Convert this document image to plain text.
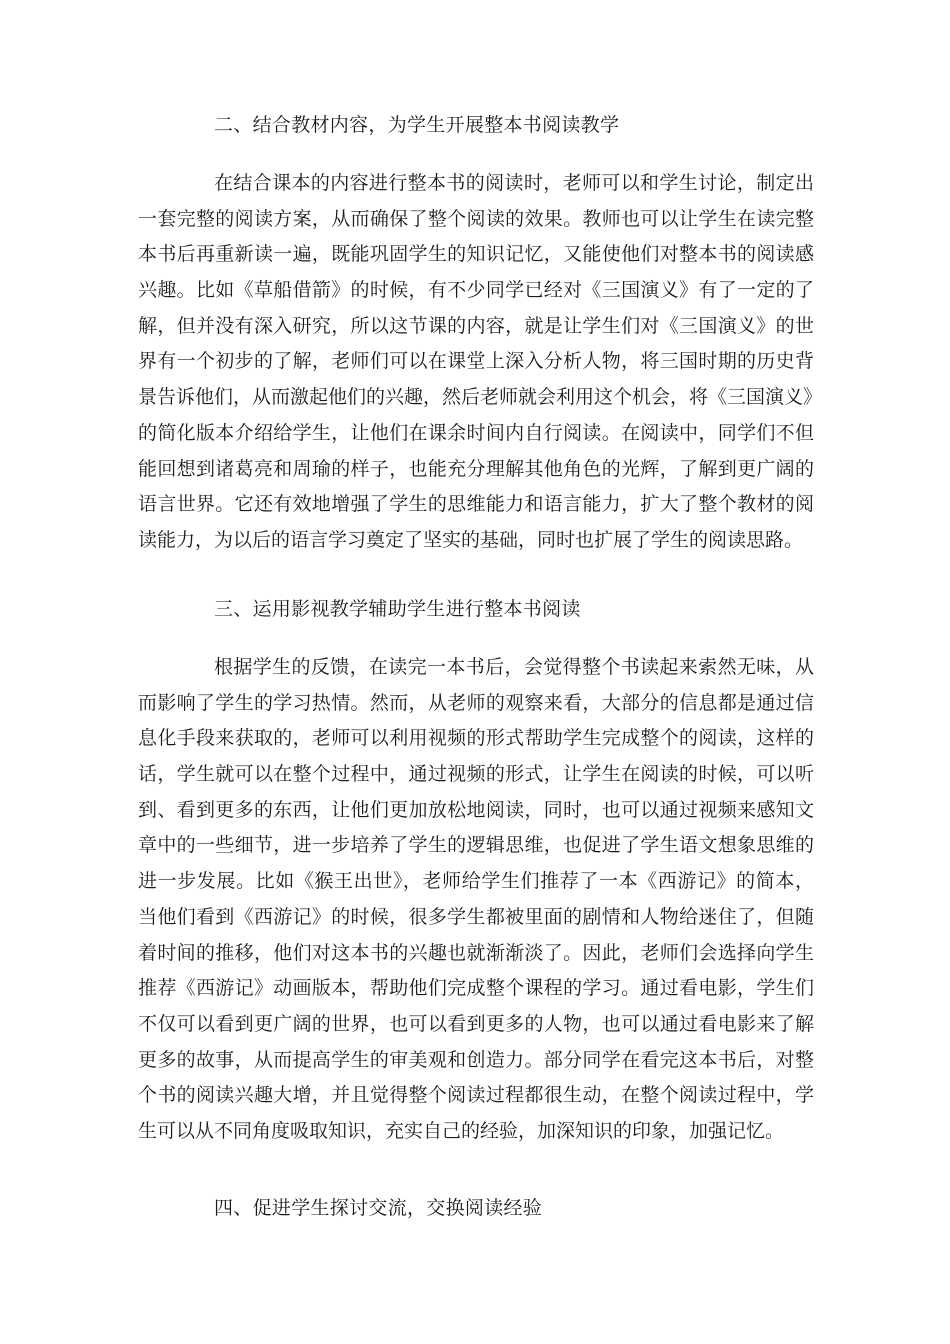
二、结合教材内容，为学生开展整本书阅读教学
在结合课本的内容进行整本书的阅读时，老师可以和学生讨论，制定出
一套完整的阅读方案，从而确保了整个阅读的效果。教师也可以让学生在读完整
本书后再重新读一遍，既能巩固学生的知识记忆，又能使他们对整本书的阅读感
兴趣。比如《草船借箭》的时候，有不少同学已经对《三国演义》有了一定的了
解，但并没有深入研究，所以这节课的内容，就是让学生们对《三国演义》的世
界有一个初步的了解，老师们可以在课堂上深入分析人物，将三国时期的历史背
景告诉他们，从而激起他们的兴趣，然后老师就会利用这个机会，将《三国演义》
的简化版本介绍给学生，让他们在课余时间内自行阅读。在阅读中，同学们不但
能回想到诸葛亮和周瑜的样子，也能充分理解其他角色的光辉，了解到更广阔的
语言世界。它还有效地增强了学生的思维能力和语言能力，扩大了整个教材的阅
读能力，为以后的语言学习奠定了坚实的基础，同时也扩展了学生的阅读思路。
三、运用影视教学辅助学生进行整本书阅读
根据学生的反馈，在读完一本书后，会觉得整个书读起来索然无味，从
而影响了学生的学习热情。然而，从老师的观察来看，大部分的信息都是通过信
息化手段来获取的，老师可以利用视频的形式帮助学生完成整个的阅读，这样的
话，学生就可以在整个过程中，通过视频的形式，让学生在阅读的时候，可以听
到、看到更多的东西，让他们更加放松地阅读，同时，也可以通过视频来感知文
章中的一些细节，进一步培养了学生的逻辑思维，也促进了学生语文想象思维的
进一步发展。比如《猴王出世》，老师给学生们推荐了一本《西游记》的简本，
当他们看到《西游记》的时候，很多学生都被里面的剧情和人物给迷住了，但随
着时间的推移，他们对这本书的兴趣也就渐渐淡了。因此，老师们会选择向学生
推荐《西游记》动画版本，帮助他们完成整个课程的学习。通过看电影，学生们
不仅可以看到更广阔的世界，也可以看到更多的人物，也可以通过看电影来了解
更多的故事，从而提高学生的审美观和创造力。部分同学在看完这本书后，对整
个书的阅读兴趣大增，并且觉得整个阅读过程都很生动，在整个阅读过程中，学
生可以从不同角度吸取知识，充实自己的经验，加深知识的印象，加强记忆。
四、促进学生探讨交流，交换阅读经验
